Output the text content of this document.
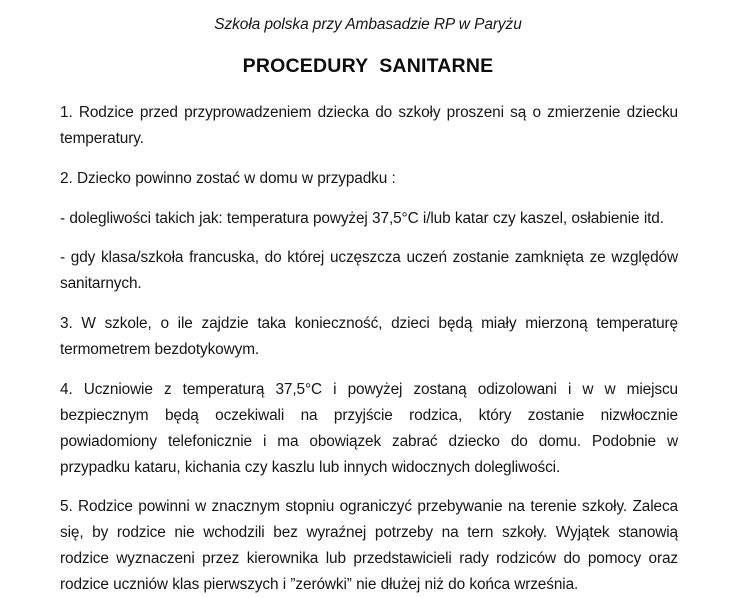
Szkoła polska przy Ambasadzie RP w Paryżu
PROCEDURY  SANITARNE

1. Rodzice przed przyprowadzeniem dziecka do szkoły proszeni są o zmierzenie dziecku temperatury.

2. Dziecko powinno zostać w domu w przypadku :

- dolegliwości takich jak: temperatura powyżej 37,5°C i/lub katar czy kaszel, osłabienie itd.

- gdy klasa/szkoła francuska, do której uczęszcza uczeń zostanie zamknięta ze względów sanitarnych.

3. W szkole, o ile zajdzie taka konieczność, dzieci będą miały mierzoną temperaturę termometrem bezdotykowym.

4. Uczniowie z temperaturą 37,5°C i powyżej zostaną odizolowani i w w miejscu bezpiecznym będą oczekiwali na przyjście rodzica, który zostanie nizwłocznie powiadomiony telefonicznie i ma obowiązek zabrać dziecko do domu. Podobnie w przypadku kataru, kichania czy kaszlu lub innych widocznych dolegliwości.

5. Rodzice powinni w znacznym stopniu ograniczyć przebywanie na terenie szkoły. Zaleca się, by rodzice nie wchodzili bez wyraźnej potrzeby na tern szkoły. Wyjątek stanowią rodzice wyznaczeni przez kierownika lub przedstawicieli rady rodziców do pomocy oraz rodzice uczniów klas pierwszych i ”zerówki” nie dłużej niż do końca września.
